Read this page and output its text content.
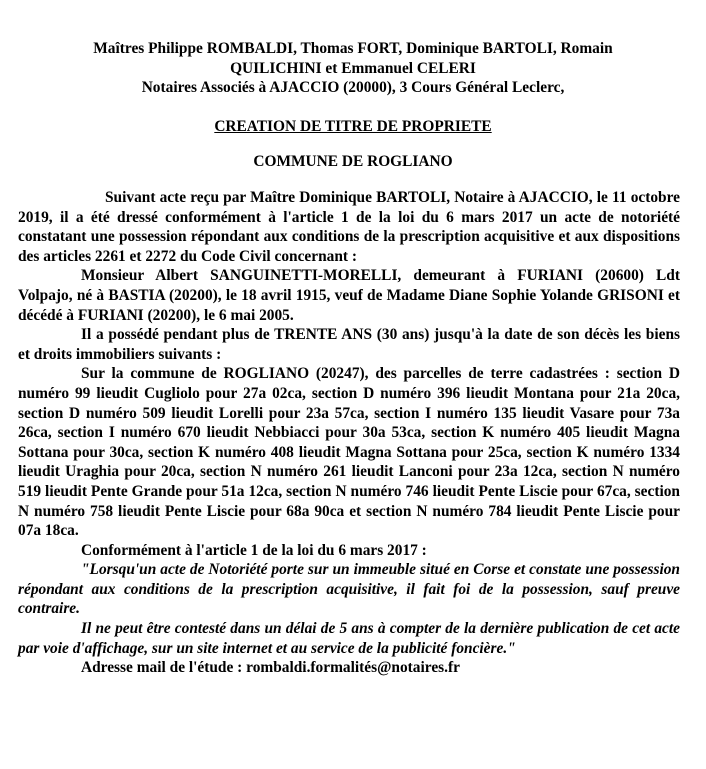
Maîtres Philippe ROMBALDI, Thomas FORT, Dominique BARTOLI, Romain
QUILICHINI et Emmanuel CELERI
Notaires Associés à AJACCIO (20000), 3 Cours Général Leclerc,
CREATION DE TITRE DE PROPRIETE
COMMUNE DE ROGLIANO

Suivant acte reçu par Maître Dominique BARTOLI, Notaire à AJACCIO, le 11 octobre 2019, il a été dressé conformément à l'article 1 de la loi du 6 mars 2017 un acte de notoriété constatant une possession répondant aux conditions de la prescription acquisitive et aux dispositions des articles 2261 et 2272 du Code Civil concernant :

Monsieur Albert SANGUINETTI-MORELLI, demeurant à FURIANI (20600) Ldt Volpajo, né à BASTIA (20200), le 18 avril 1915, veuf de Madame Diane Sophie Yolande GRISONI et décédé à FURIANI (20200), le 6 mai 2005.

Il a possédé pendant plus de TRENTE ANS (30 ans) jusqu'à la date de son décès les biens et droits immobiliers suivants :

Sur la commune de ROGLIANO (20247), des parcelles de terre cadastrées : section D numéro 99 lieudit Cugliolo pour 27a 02ca, section D numéro 396 lieudit Montana pour 21a 20ca, section D numéro 509 lieudit Lorelli pour 23a 57ca, section I numéro 135 lieudit Vasare pour 73a 26ca, section I numéro 670 lieudit Nebbiacci pour 30a 53ca, section K numéro 405 lieudit Magna Sottana pour 30ca, section K numéro 408 lieudit Magna Sottana pour 25ca, section K numéro 1334 lieudit Uraghia pour 20ca, section N numéro 261 lieudit Lanconi pour 23a 12ca, section N numéro 519 lieudit Pente Grande pour 51a 12ca, section N numéro 746 lieudit Pente Liscie pour 67ca, section N numéro 758 lieudit Pente Liscie pour 68a 90ca et section N numéro 784 lieudit Pente Liscie pour 07a 18ca.

Conformément à l'article 1 de la loi du 6 mars 2017 :

"Lorsqu'un acte de Notoriété porte sur un immeuble situé en Corse et constate une possession répondant aux conditions de la prescription acquisitive, il fait foi de la possession, sauf preuve contraire.

Il ne peut être contesté dans un délai de 5 ans à compter de la dernière publication de cet acte par voie d'affichage, sur un site internet et au service de la publicité foncière."

Adresse mail de l'étude : rombaldi.formalités@notaires.fr
